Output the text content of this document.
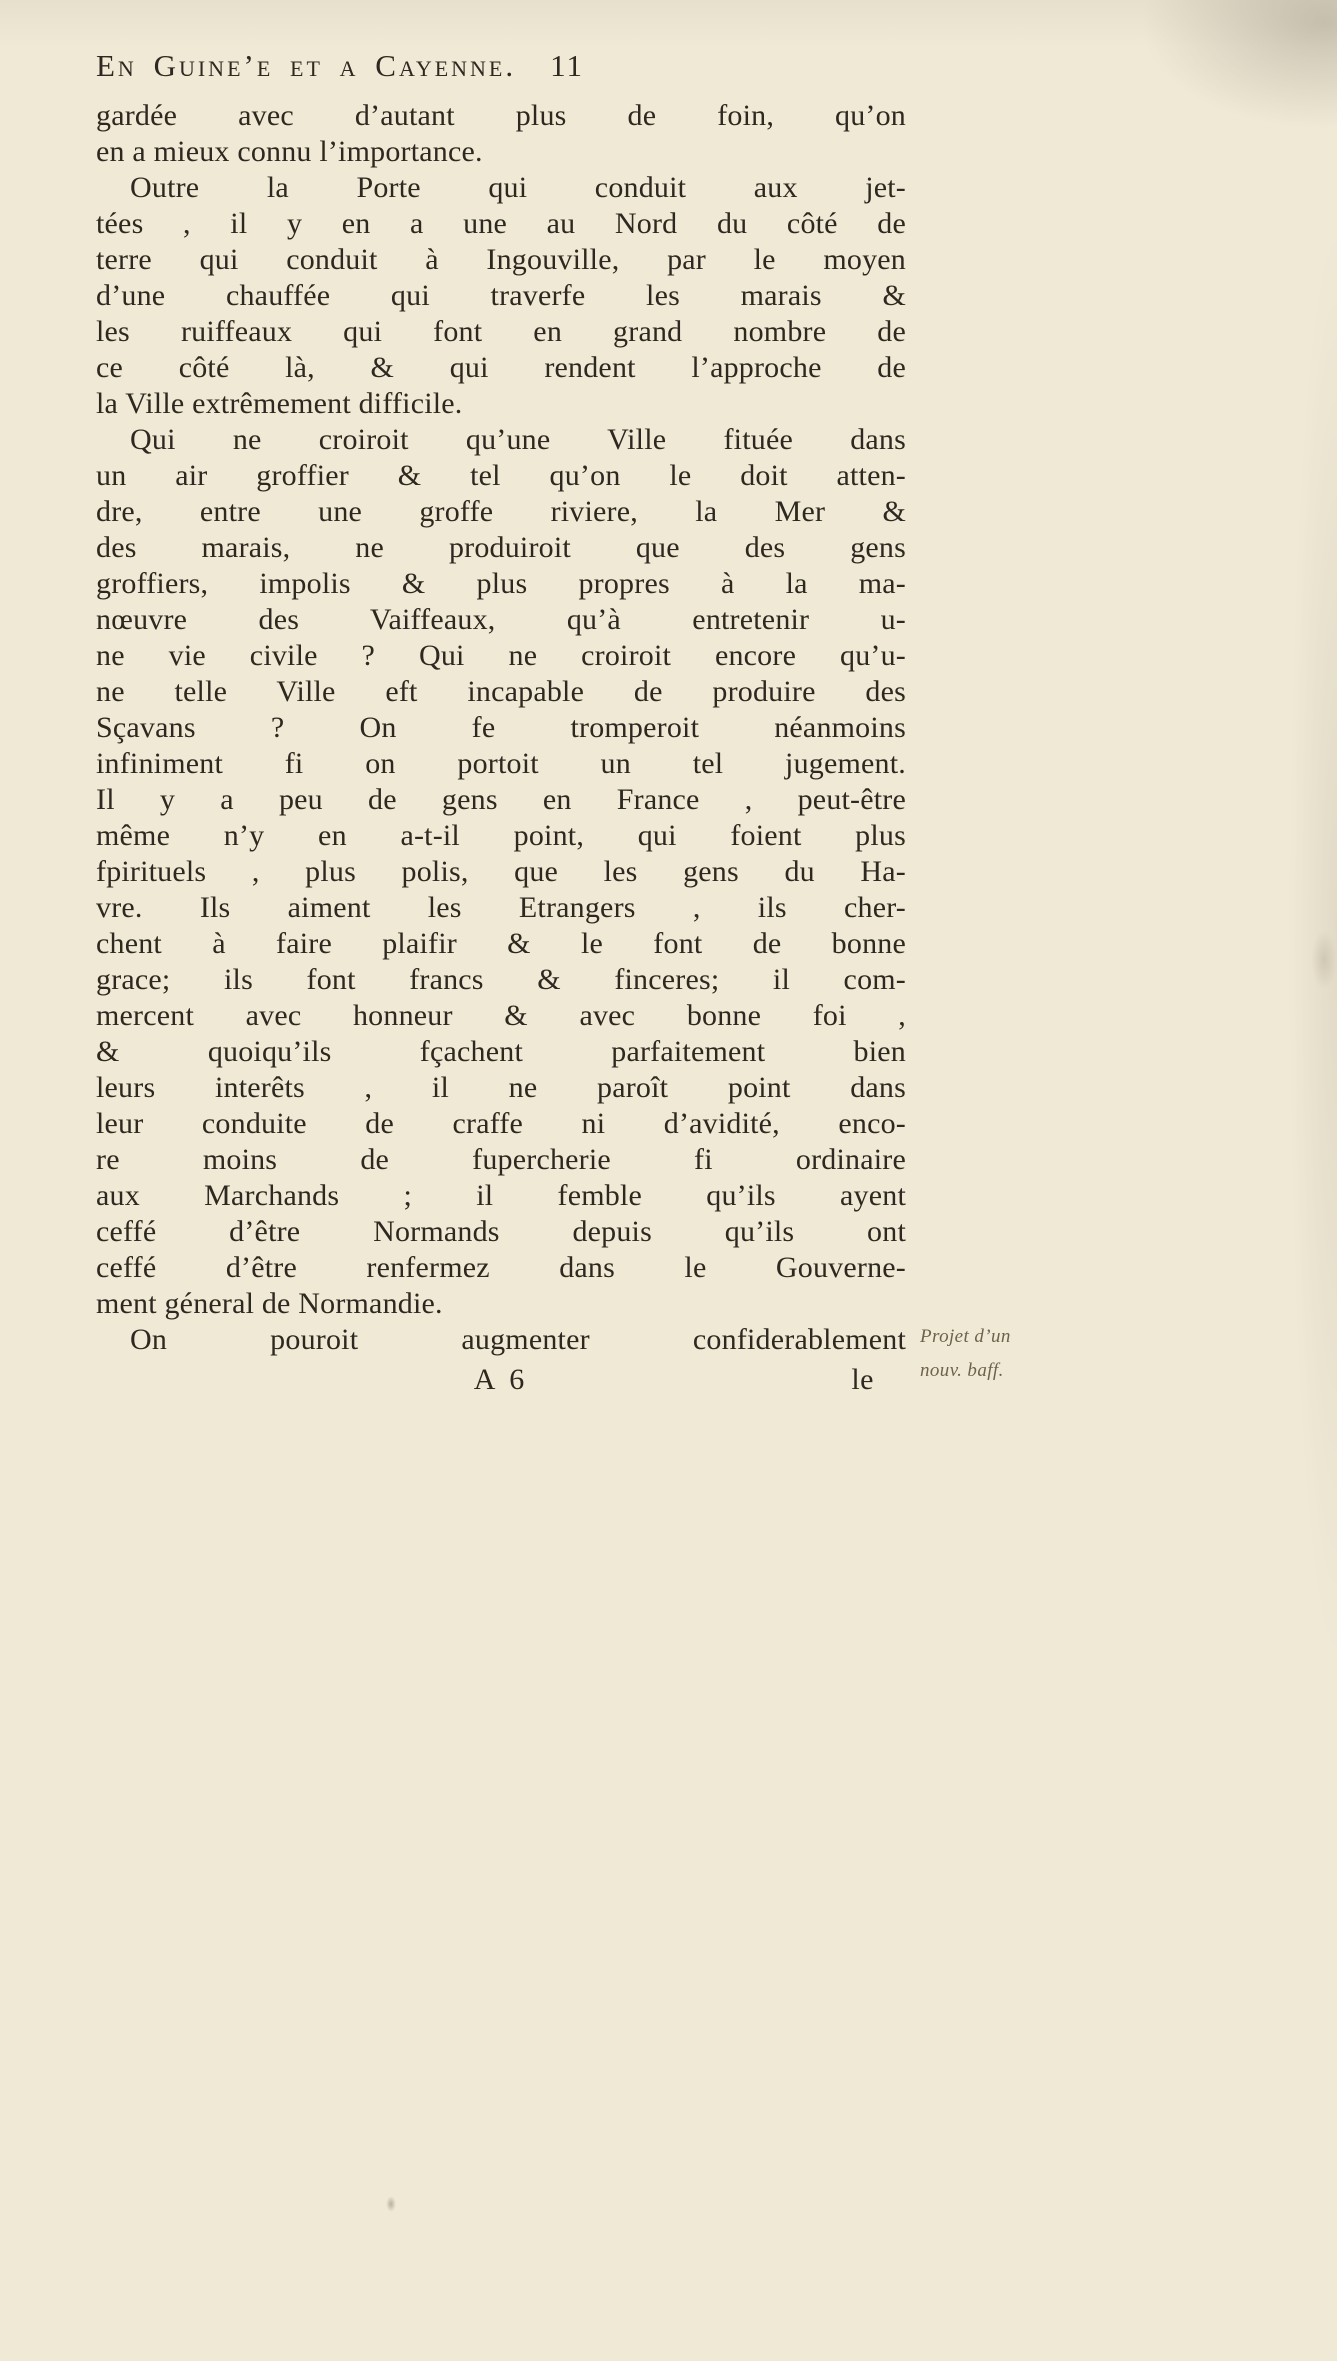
En Guine’e et a Cayenne. 11
gardée avec d’autant plus de foin, qu’on
en a mieux connu l’importance.
Outre la Porte qui conduit aux jet-
tées , il y en a une au Nord du côté de
terre qui conduit à Ingouville, par le moyen
d’une chauffée qui traverfe les marais &
les ruiffeaux qui font en grand nombre de
ce côté là, & qui rendent l’approche de
la Ville extrêmement difficile.
Qui ne croiroit qu’une Ville fituée dans
un air groffier & tel qu’on le doit atten-
dre, entre une groffe riviere, la Mer &
des marais, ne produiroit que des gens
groffiers, impolis & plus propres à la ma-
nœuvre des Vaiffeaux, qu’à entretenir u-
ne vie civile ? Qui ne croiroit encore qu’u-
ne telle Ville eft incapable de produire des
Sçavans ? On fe tromperoit néanmoins
infiniment fi on portoit un tel jugement.
Il y a peu de gens en France , peut-être
même n’y en a-t-il point, qui foient plus
fpirituels , plus polis, que les gens du Ha-
vre. Ils aiment les Etrangers , ils cher-
chent à faire plaifir & le font de bonne
grace; ils font francs & finceres; il com-
mercent avec honneur & avec bonne foi ,
& quoiqu’ils fçachent parfaitement bien
leurs interêts , il ne paroît point dans
leur conduite de craffe ni d’avidité, enco-
re moins de fupercherie fi ordinaire
aux Marchands ; il femble qu’ils ayent
ceffé d’être Normands depuis qu’ils ont
ceffé d’être renfermez dans le Gouverne-
ment géneral de Normandie.
On pouroit augmenter confiderablement Projet d’un
nouv. baff.
A 6	le
